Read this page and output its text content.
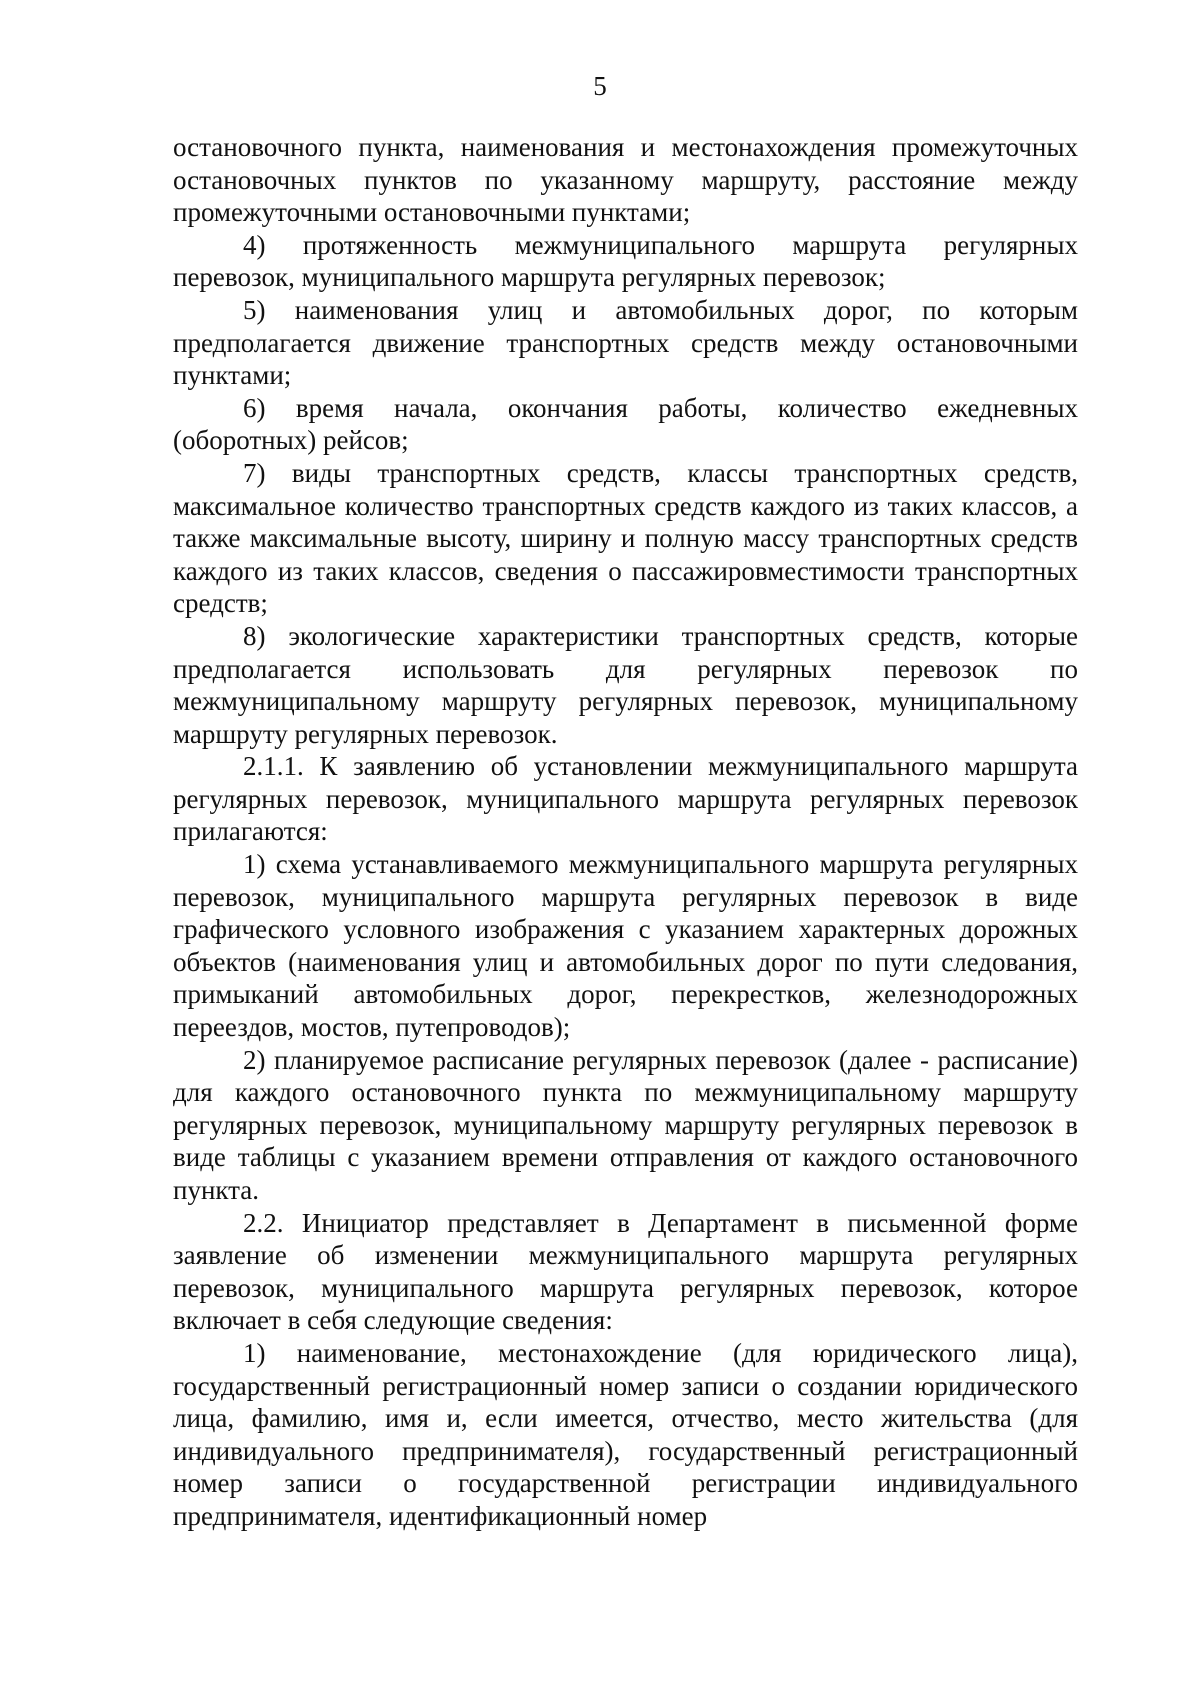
5

остановочного пункта, наименования и местонахождения промежуточных остановочных пунктов по указанному маршруту, расстояние между промежуточными остановочными пунктами;

4) протяженность межмуниципального маршрута регулярных перевозок, муниципального маршрута регулярных перевозок;

5) наименования улиц и автомобильных дорог, по которым предполагается движение транспортных средств между остановочными пунктами;

6) время начала, окончания работы, количество ежедневных (оборотных) рейсов;

7) виды транспортных средств, классы транспортных средств, максимальное количество транспортных средств каждого из таких классов, а также максимальные высоту, ширину и полную массу транспортных средств каждого из таких классов, сведения о пассажировместимости транспортных средств;

8) экологические характеристики транспортных средств, которые предполагается использовать для регулярных перевозок по межмуниципальному маршруту регулярных перевозок, муниципальному маршруту регулярных перевозок.

2.1.1. К заявлению об установлении межмуниципального маршрута регулярных перевозок, муниципального маршрута регулярных перевозок прилагаются:

1) схема устанавливаемого межмуниципального маршрута регулярных перевозок, муниципального маршрута регулярных перевозок в виде графического условного изображения с указанием характерных дорожных объектов (наименования улиц и автомобильных дорог по пути следования, примыканий автомобильных дорог, перекрестков, железнодорожных переездов, мостов, путепроводов);

2) планируемое расписание регулярных перевозок (далее - расписание) для каждого остановочного пункта по межмуниципальному маршруту регулярных перевозок, муниципальному маршруту регулярных перевозок в виде таблицы с указанием времени отправления от каждого остановочного пункта.

2.2. Инициатор представляет в Департамент в письменной форме заявление об изменении межмуниципального маршрута регулярных перевозок, муниципального маршрута регулярных перевозок, которое включает в себя следующие сведения:

1) наименование, местонахождение (для юридического лица), государственный регистрационный номер записи о создании юридического лица, фамилию, имя и, если имеется, отчество, место жительства (для индивидуального предпринимателя), государственный регистрационный номер записи о государственной регистрации индивидуального предпринимателя, идентификационный номер
